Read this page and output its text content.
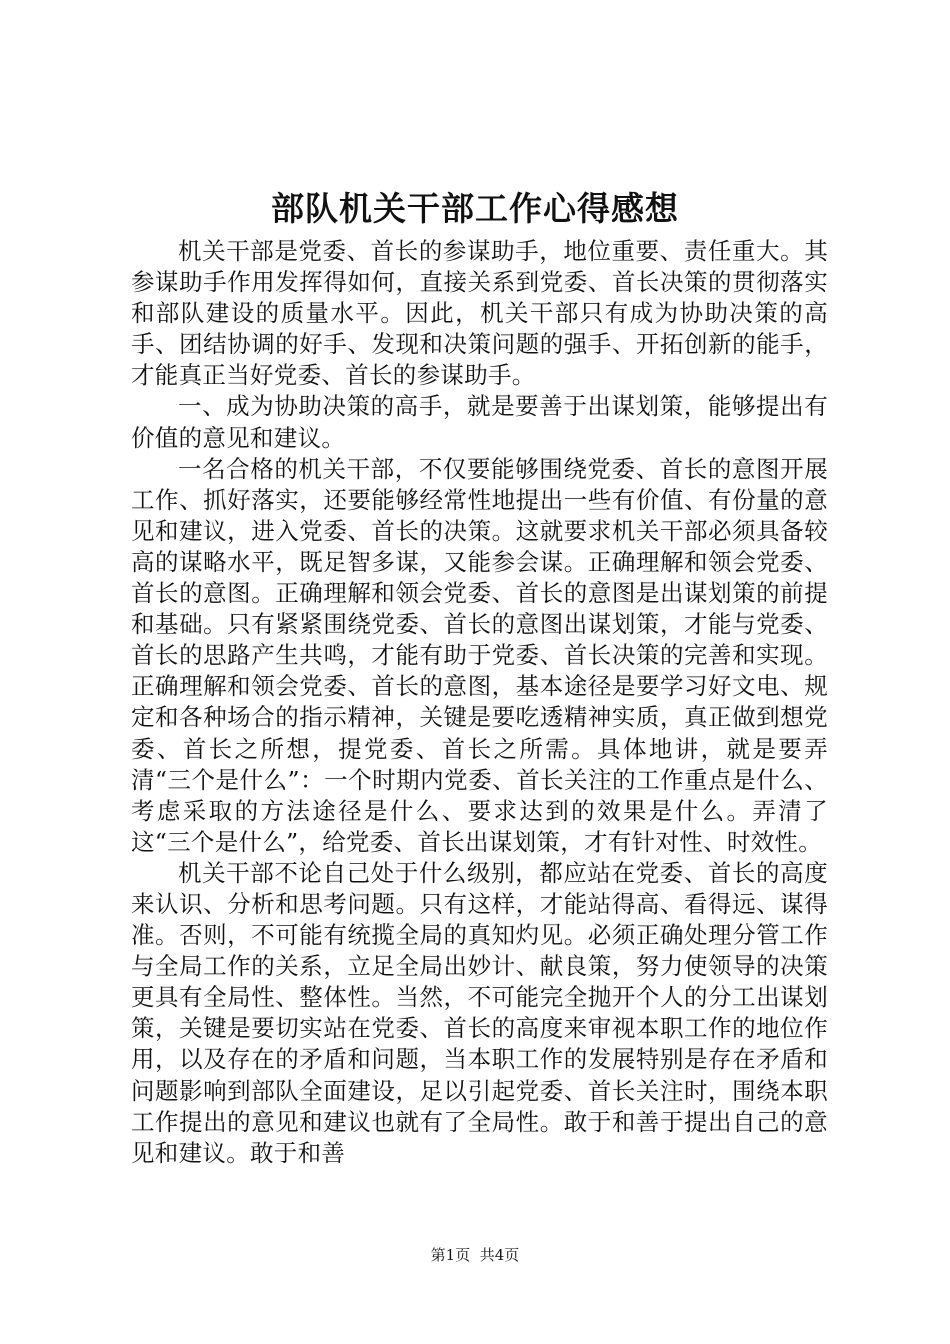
部队机关干部工作心得感想

机关干部是党委、首长的参谋助手，地位重要、责任重大。其参谋助手作用发挥得如何，直接关系到党委、首长决策的贯彻落实和部队建设的质量水平。因此，机关干部只有成为协助决策的高手、团结协调的好手、发现和决策问题的强手、开拓创新的能手，才能真正当好党委、首长的参谋助手。

一、成为协助决策的高手，就是要善于出谋划策，能够提出有价值的意见和建议。

一名合格的机关干部，不仅要能够围绕党委、首长的意图开展工作、抓好落实，还要能够经常性地提出一些有价值、有份量的意见和建议，进入党委、首长的决策。这就要求机关干部必须具备较高的谋略水平，既足智多谋，又能参会谋。正确理解和领会党委、首长的意图。正确理解和领会党委、首长的意图是出谋划策的前提和基础。只有紧紧围绕党委、首长的意图出谋划策，才能与党委、首长的思路产生共鸣，才能有助于党委、首长决策的完善和实现。正确理解和领会党委、首长的意图，基本途径是要学习好文电、规定和各种场合的指示精神，关键是要吃透精神实质，真正做到想党委、首长之所想，提党委、首长之所需。具体地讲，就是要弄清“三个是什么”：一个时期内党委、首长关注的工作重点是什么、考虑采取的方法途径是什么、要求达到的效果是什么。弄清了这“三个是什么”，给党委、首长出谋划策，才有针对性、时效性。

机关干部不论自己处于什么级别，都应站在党委、首长的高度来认识、分析和思考问题。只有这样，才能站得高、看得远、谋得准。否则，不可能有统揽全局的真知灼见。必须正确处理分管工作与全局工作的关系，立足全局出妙计、献良策，努力使领导的决策更具有全局性、整体性。当然，不可能完全抛开个人的分工出谋划策，关键是要切实站在党委、首长的高度来审视本职工作的地位作用，以及存在的矛盾和问题，当本职工作的发展特别是存在矛盾和问题影响到部队全面建设，足以引起党委、首长关注时，围绕本职工作提出的意见和建议也就有了全局性。敢于和善于提出自己的意见和建议。敢于和善

第1页 共4页
